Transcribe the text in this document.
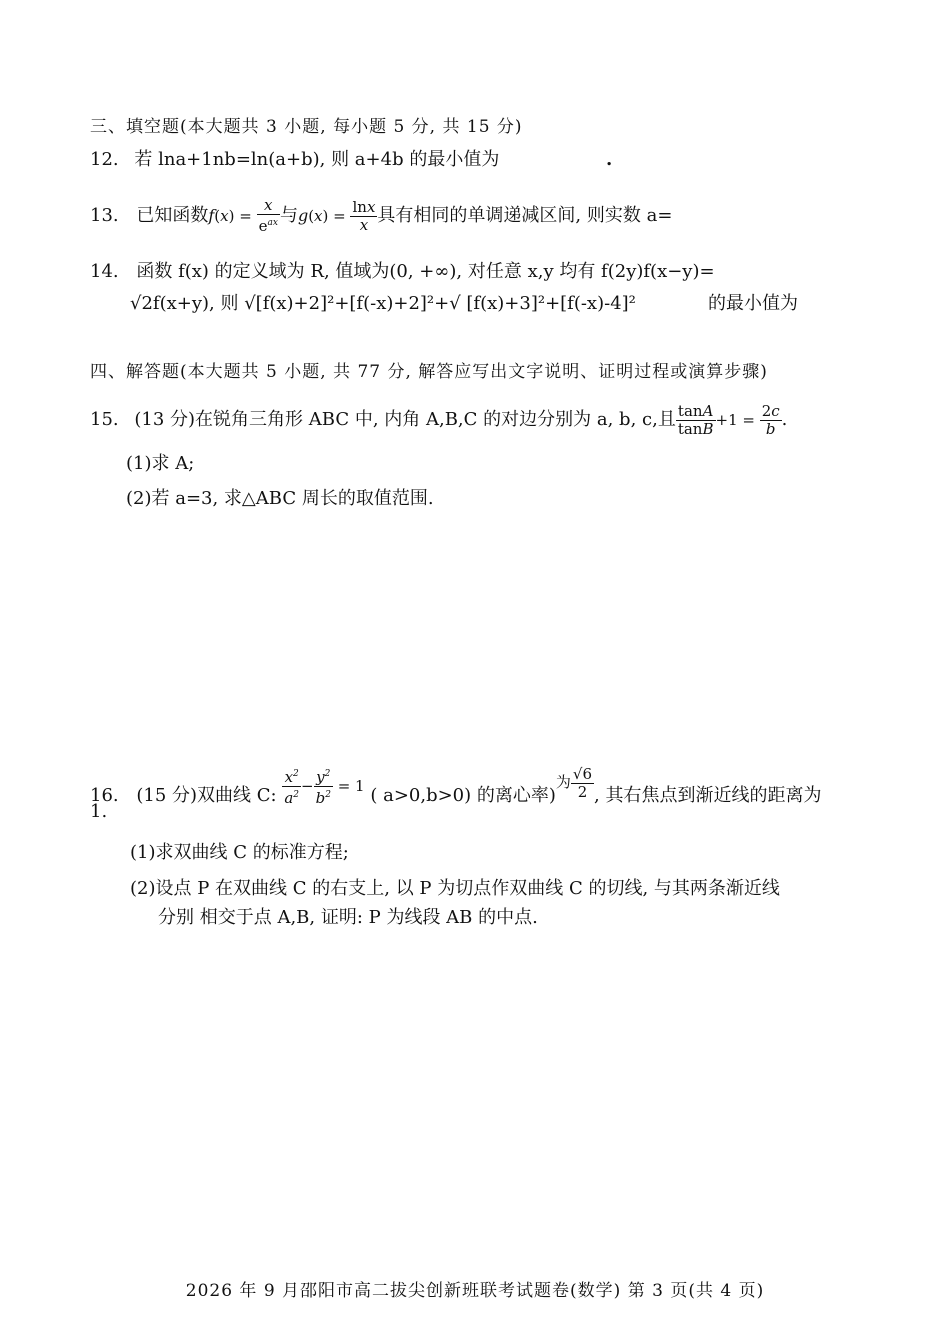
三、填空题(本大题共 3 小题, 每小题 5 分, 共 15 分)
12. 若 lna+1nb=ln(a+b), 则 a+4b 的最小值为	.
13. 已知函数$f(x) = \frac{x}{e^{ax}}$ 与$g(x) = \frac{\ln x}{x}$ 具有相同的单调递减区间, 则实数 a=
14. 函数 f(x) 的定义域为 R, 值域为(0, +∞), 对任意 x,y 均有 f(2y)f(x−y)=
√2f(x+y), 则 √[f(x)+2]²+[f(-x)+2]²+√ [f(x)+3]²+[f(-x)-4]²	的最小值为
四、解答题(本大题共 5 小题, 共 77 分, 解答应写出文字说明、证明过程或演算步骤)
15. (13 分)在锐角三角形 ABC 中, 内角 A,B,C 的对边分别为 a, b, c,且 $\frac{\tan A}{\tan B} +1 = \frac{2c}{b}$ .
(1)求 A;
(2)若 a=3, 求△ABC 周长的取值范围.
16. (15 分)双曲线 C: $\frac{x^2}{a^2} - \frac{y^2}{b^2} = 1$ ( a>0,b>0) 的离心率)为 $\frac{√6}{2}$ , 其右焦点到渐近线的距离为
1.
(1)求双曲线 C 的标准方程;
(2)设点 P 在双曲线 C 的右支上, 以 P 为切点作双曲线 C 的切线, 与其两条渐近线
分别 相交于点 A,B, 证明: P 为线段 AB 的中点.
2026 年 9 月邵阳市高二拔尖创新班联考试题卷(数学) 第 3 页(共 4 页)
